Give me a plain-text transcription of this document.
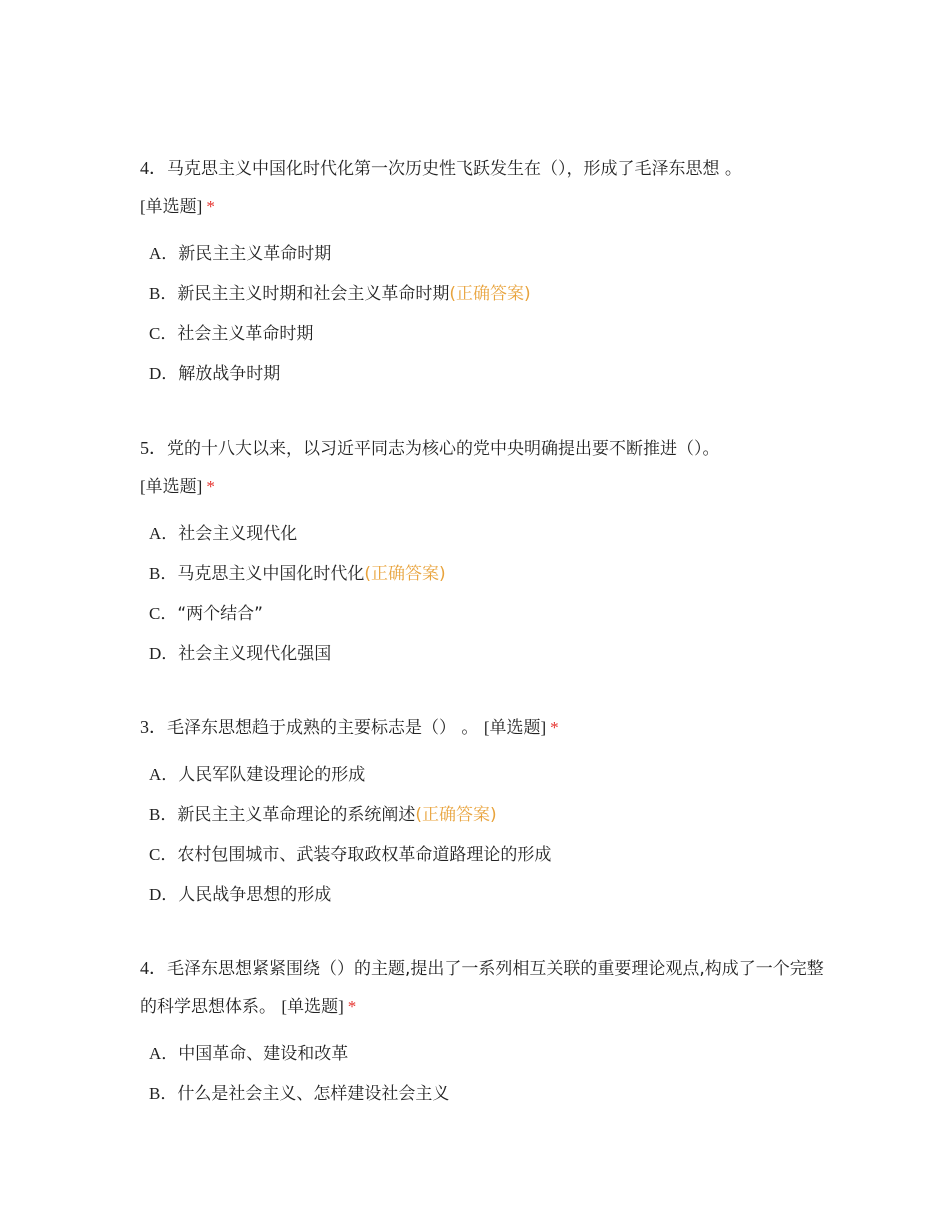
4．马克思主义中国化时代化第一次历史性飞跃发生在（），形成了毛泽东思想 。
[单选题] *

A．新民主主义革命时期
B．新民主主义时期和社会主义革命时期(正确答案)
C．社会主义革命时期
D．解放战争时期

5．党的十八大以来，以习近平同志为核心的党中央明确提出要不断推进（）。
[单选题] *

A．社会主义现代化
B．马克思主义中国化时代化(正确答案)
C．“两个结合”
D．社会主义现代化强国

3．毛泽东思想趋于成熟的主要标志是（） 。 [单选题] *

A．人民军队建设理论的形成
B．新民主主义革命理论的系统阐述(正确答案)
C．农村包围城市、武装夺取政权革命道路理论的形成
D．人民战争思想的形成

4．毛泽东思想紧紧围绕（）的主题,提出了一系列相互关联的重要理论观点,构成了一个完整的科学思想体系。 [单选题] *

A．中国革命、建设和改革
B．什么是社会主义、怎样建设社会主义
